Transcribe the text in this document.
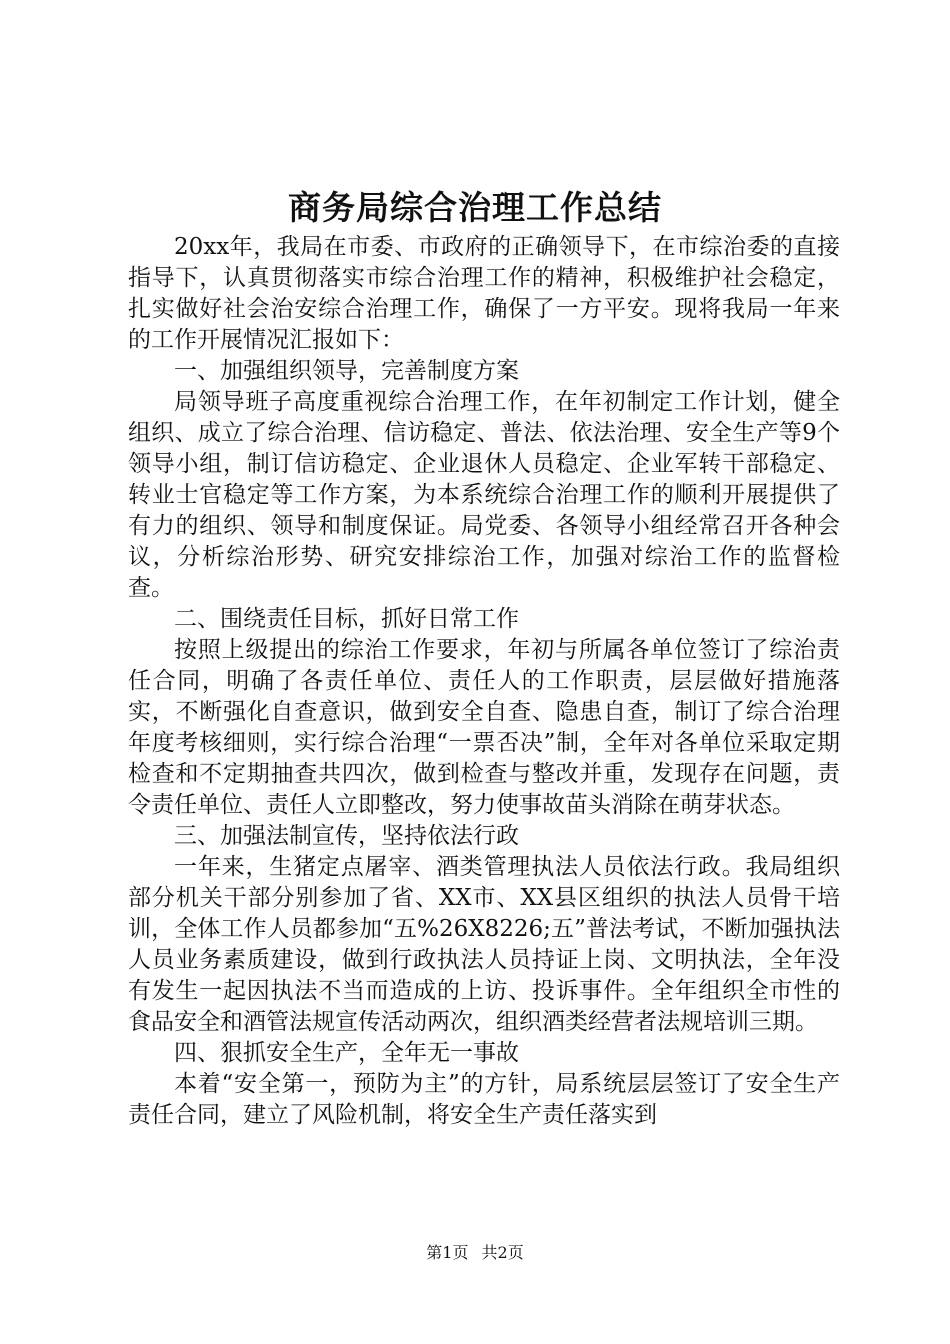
商务局综合治理工作总结

20xx年，我局在市委、市政府的正确领导下，在市综治委的直接指导下，认真贯彻落实市综合治理工作的精神，积极维护社会稳定，扎实做好社会治安综合治理工作，确保了一方平安。现将我局一年来的工作开展情况汇报如下：

一、加强组织领导，完善制度方案

局领导班子高度重视综合治理工作，在年初制定工作计划，健全组织、成立了综合治理、信访稳定、普法、依法治理、安全生产等9个领导小组，制订信访稳定、企业退休人员稳定、企业军转干部稳定、转业士官稳定等工作方案，为本系统综合治理工作的顺利开展提供了有力的组织、领导和制度保证。局党委、各领导小组经常召开各种会议，分析综治形势、研究安排综治工作，加强对综治工作的监督检查。

二、围绕责任目标，抓好日常工作

按照上级提出的综治工作要求，年初与所属各单位签订了综治责任合同，明确了各责任单位、责任人的工作职责，层层做好措施落实，不断强化自查意识，做到安全自查、隐患自查，制订了综合治理年度考核细则，实行综合治理“一票否决”制，全年对各单位采取定期检查和不定期抽查共四次，做到检查与整改并重，发现存在问题，责令责任单位、责任人立即整改，努力使事故苗头消除在萌芽状态。

三、加强法制宣传，坚持依法行政

一年来，生猪定点屠宰、酒类管理执法人员依法行政。我局组织部分机关干部分别参加了省、XX市、XX县区组织的执法人员骨干培训，全体工作人员都参加“五%26X8226;五”普法考试，不断加强执法人员业务素质建设，做到行政执法人员持证上岗、文明执法，全年没有发生一起因执法不当而造成的上访、投诉事件。全年组织全市性的食品安全和酒管法规宣传活动两次，组织酒类经营者法规培训三期。

四、狠抓安全生产，全年无一事故

本着“安全第一，预防为主”的方针，局系统层层签订了安全生产责任合同，建立了风险机制，将安全生产责任落实到

第1页 共2页
